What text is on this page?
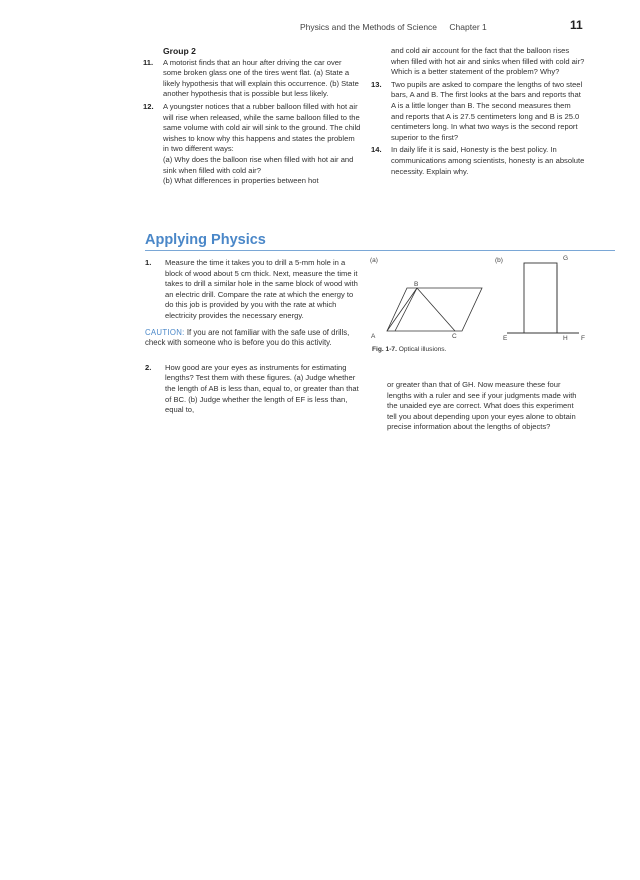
Physics and the Methods of Science Chapter 1	11
Group 2
11. A motorist finds that an hour after driving the car over some broken glass one of the tires went flat. (a) State a likely hypothesis that will explain this occurrence. (b) State another hypothesis that is possible but less likely.

12. A youngster notices that a rubber balloon filled with hot air will rise when released, while the same balloon filled to the same volume with cold air will sink to the ground. The child wishes to know why this happens and states the problem in two different ways:

(a) Why does the balloon rise when filled with hot air and sink when filled with cold air?

(b) What differences in properties between hot

and cold air account for the fact that the balloon rises when filled with hot air and sinks when filled with cold air?

Which is a better statement of the problem? Why?

13. Two pupils are asked to compare the lengths of two steel bars, A and B. The first looks at the bars and reports that A is a little longer than B. The second measures them and reports that A is 27.5 centimeters long and B is 25.0 centimeters long. In what two ways is the second report superior to the first?

14. In daily life it is said, Honesty is the best policy. In communications among scientists, honesty is an absolute necessity. Explain why.

Applying Physics
1. Measure the time it takes you to drill a 5-mm hole in a block of wood about 5 cm thick. Next, measure the time it takes to drill a similar hole in the same block of wood with an electric drill. Compare the rate at which the energy to do this job is provided by you with the rate at which electricity provides the necessary energy.

CAUTION: If you are not familiar with the safe use of drills, check with someone who is before you do this activity.

2. How good are your eyes as instruments for estimating lengths? Test them with these figures. (a) Judge whether the length of AB is less than, equal to, or greater than that of BC. (b) Judge whether the length of EF is less than, equal to,

(a)	(b)
B
A	C
G
E	H F
Fig. 1-7. Optical illusions.

or greater than that of GH. Now measure these four lengths with a ruler and see if your judgments made with the unaided eye are correct. What does this experiment tell you about depending upon your eyes alone to obtain precise information about the lengths of objects?
